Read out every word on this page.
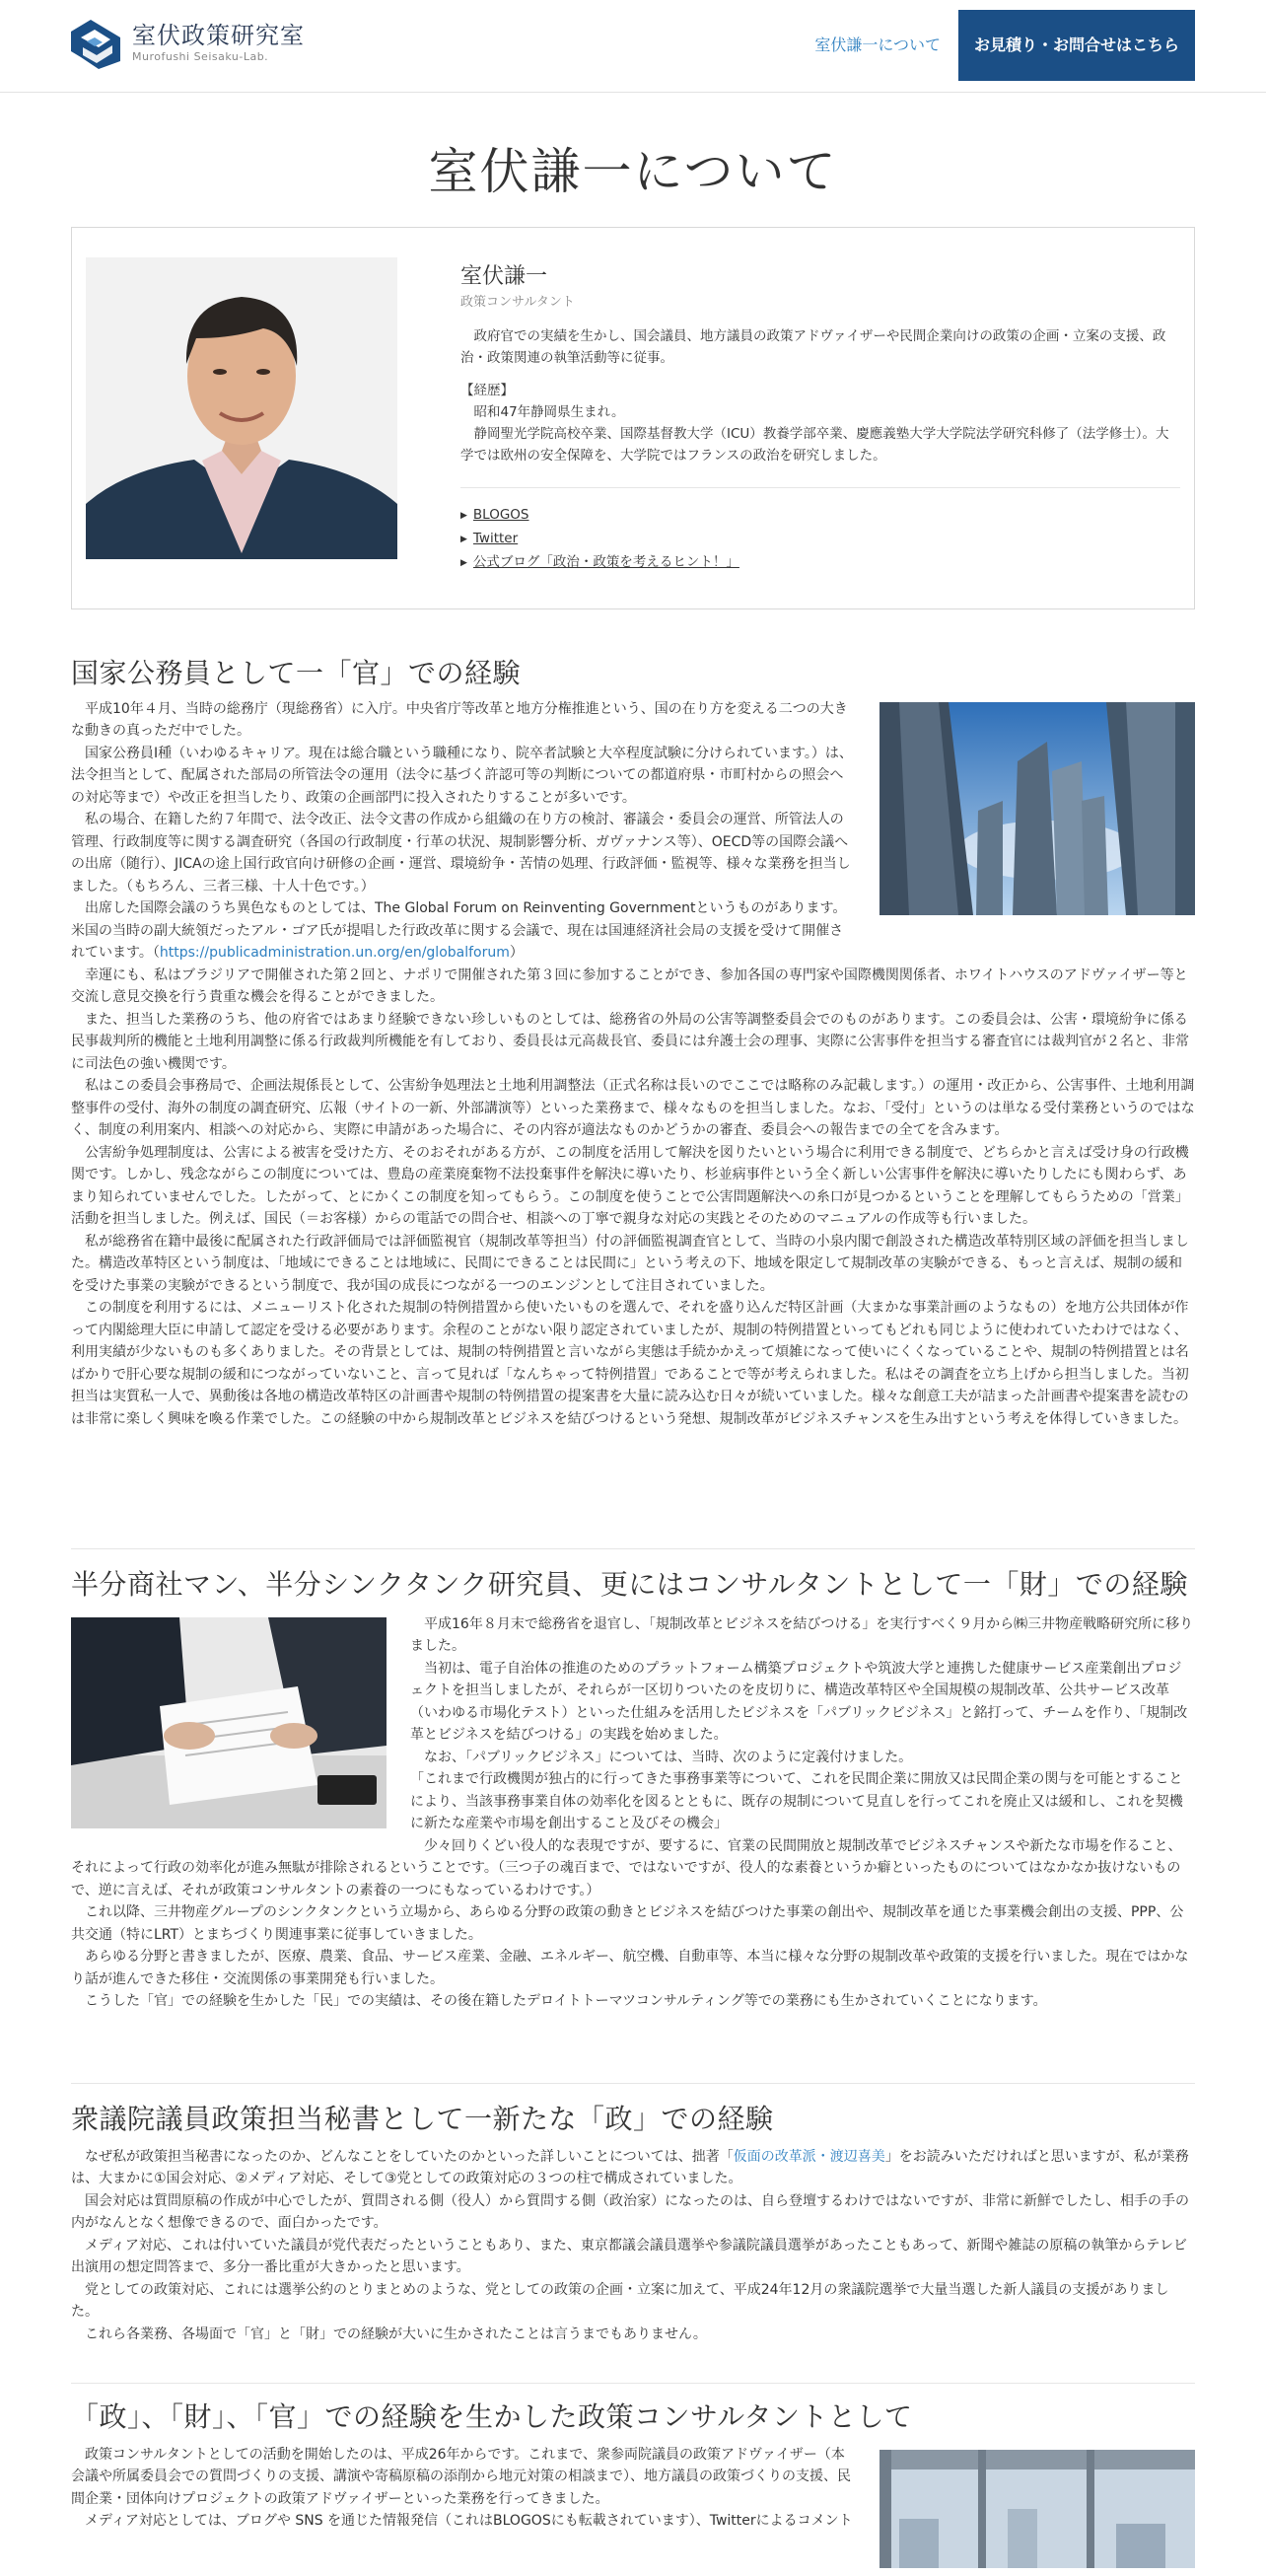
室伏政策研究室
Murofushi Seisaku-Lab.
室伏謙一について	お見積り・お問合せはこちら
室伏謙一について
室伏謙一
政策コンサルタント
政府官での実績を生かし、国会議員、地方議員の政策アドヴァイザーや民間企業向けの政策の企画・立案の支援、政治・政策関連の執筆活動等に従事。
【経歴】
昭和47年静岡県生まれ。
静岡聖光学院高校卒業、国際基督教大学（ICU）教養学部卒業、慶應義塾大学大学院法学研究科修了（法学修士）。大学では欧州の安全保障を、大学院ではフランスの政治を研究しました。
▶ BLOGOS
▶ Twitter
▶ 公式ブログ「政治・政策を考えるヒント！」
国家公務員として一「官」での経験

平成10年４月、当時の総務庁（現総務省）に入庁。中央省庁等改革と地方分権推進という、国の在り方を変える二つの大きな動きの真っただ中でした。

国家公務員Ⅰ種（いわゆるキャリア。現在は総合職という職種になり、院卒者試験と大卒程度試験に分けられています。）は、法令担当として、配属された部局の所管法令の運用（法令に基づく許認可等の判断についての都道府県・市町村からの照会への対応等まで）や改正を担当したり、政策の企画部門に投入されたりすることが多いです。

私の場合、在籍した約７年間で、法令改正、法令文書の作成から組織の在り方の検討、審議会・委員会の運営、所管法人の管理、行政制度等に関する調査研究（各国の行政制度・行革の状況、規制影響分析、ガヴァナンス等）、OECD等の国際会議への出席（随行）、JICAの途上国行政官向け研修の企画・運営、環境紛争・苦情の処理、行政評価・監視等、様々な業務を担当しました。（もちろん、三者三様、十人十色です。）

出席した国際会議のうち異色なものとしては、The Global Forum on Reinventing Governmentというものがあります。米国の当時の副大統領だったアル・ゴア氏が提唱した行政改革に関する会議で、現在は国連経済社会局の支援を受けて開催されています。（https://publicadministration.un.org/en/globalforum）

幸運にも、私はブラジリアで開催された第２回と、ナポリで開催された第３回に参加することができ、参加各国の専門家や国際機関関係者、ホワイトハウスのアドヴァイザー等と交流し意見交換を行う貴重な機会を得ることができました。

また、担当した業務のうち、他の府省ではあまり経験できない珍しいものとしては、総務省の外局の公害等調整委員会でのものがあります。この委員会は、公害・環境紛争に係る民事裁判所的機能と土地利用調整に係る行政裁判所機能を有しており、委員長は元高裁長官、委員には弁護士会の理事、実際に公害事件を担当する審査官には裁判官が２名と、非常に司法色の強い機関です。

私はこの委員会事務局で、企画法規係長として、公害紛争処理法と土地利用調整法（正式名称は長いのでここでは略称のみ記載します。）の運用・改正から、公害事件、土地利用調整事件の受付、海外の制度の調査研究、広報（サイトの一新、外部講演等）といった業務まで、様々なものを担当しました。なお、「受付」というのは単なる受付業務というのではなく、制度の利用案内、相談への対応から、実際に申請があった場合に、その内容が適法なものかどうかの審査、委員会への報告までの全てを含みます。

公害紛争処理制度は、公害による被害を受けた方、そのおそれがある方が、この制度を活用して解決を図りたいという場合に利用できる制度で、どちらかと言えば受け身の行政機関です。しかし、残念ながらこの制度については、豊島の産業廃棄物不法投棄事件を解決に導いたり、杉並病事件という全く新しい公害事件を解決に導いたりしたにも関わらず、あまり知られていませんでした。したがって、とにかくこの制度を知ってもらう。この制度を使うことで公害問題解決への糸口が見つかるということを理解してもらうための「営業」活動を担当しました。例えば、国民（＝お客様）からの電話での問合せ、相談への丁寧で親身な対応の実践とそのためのマニュアルの作成等も行いました。

私が総務省在籍中最後に配属された行政評価局では評価監視官（規制改革等担当）付の評価監視調査官として、当時の小泉内閣で創設された構造改革特別区域の評価を担当しました。構造改革特区という制度は、「地域にできることは地域に、民間にできることは民間に」という考えの下、地域を限定して規制改革の実験ができる、もっと言えば、規制の緩和を受けた事業の実験ができるという制度で、我が国の成長につながる一つのエンジンとして注目されていました。

この制度を利用するには、メニューリスト化された規制の特例措置から使いたいものを選んで、それを盛り込んだ特区計画（大まかな事業計画のようなもの）を地方公共団体が作って内閣総理大臣に申請して認定を受ける必要があります。余程のことがない限り認定されていましたが、規制の特例措置といってもどれも同じように使われていたわけではなく、利用実績が少ないものも多くありました。その背景としては、規制の特例措置と言いながら実態は手続かかえって煩雑になって使いにくくなっていることや、規制の特例措置とは名ばかりで肝心要な規制の緩和につながっていないこと、言って見れば「なんちゃって特例措置」であることで等が考えられました。私はその調査を立ち上げから担当しました。当初担当は実質私一人で、異動後は各地の構造改革特区の計画書や規制の特例措置の提案書を大量に読み込む日々が続いていました。様々な創意工夫が詰まった計画書や提案書を読むのは非常に楽しく興味を喚る作業でした。この経験の中から規制改革とビジネスを結びつけるという発想、規制改革がビジネスチャンスを生み出すという考えを体得していきました。

半分商社マン、半分シンクタンク研究員、更にはコンサルタントとして一「財」での経験

平成16年８月末で総務省を退官し、「規制改革とビジネスを結びつける」を実行すべく９月から㈱三井物産戦略研究所に移りました。

当初は、電子自治体の推進のためのプラットフォーム構築プロジェクトや筑波大学と連携した健康サービス産業創出プロジェクトを担当しましたが、それらが一区切りついたのを皮切りに、構造改革特区や全国規模の規制改革、公共サービス改革（いわゆる市場化テスト）といった仕組みを活用したビジネスを「パブリックビジネス」と銘打って、チームを作り、「規制改革とビジネスを結びつける」の実践を始めました。

なお、「パブリックビジネス」については、当時、次のように定義付けました。

「これまで行政機関が独占的に行ってきた事務事業等について、これを民間企業に開放又は民間企業の関与を可能とすることにより、当該事務事業自体の効率化を図るとともに、既存の規制について見直しを行ってこれを廃止又は緩和し、これを契機に新たな産業や市場を創出すること及びその機会」

少々回りくどい役人的な表現ですが、要するに、官業の民間開放と規制改革でビジネスチャンスや新たな市場を作ること、それによって行政の効率化が進み無駄が排除されるということです。（三つ子の魂百まで、ではないですが、役人的な素養というか癖といったものについてはなかなか抜けないもので、逆に言えば、それが政策コンサルタントの素養の一つにもなっているわけです。）

これ以降、三井物産グループのシンクタンクという立場から、あらゆる分野の政策の動きとビジネスを結びつけた事業の創出や、規制改革を通じた事業機会創出の支援、PPP、公共交通（特にLRT）とまちづくり関連事業に従事していきました。

あらゆる分野と書きましたが、医療、農業、食品、サービス産業、金融、エネルギー、航空機、自動車等、本当に様々な分野の規制改革や政策的支援を行いました。現在ではかなり話が進んできた移住・交流関係の事業開発も行いました。

こうした「官」での経験を生かした「民」での実績は、その後在籍したデロイトトーマツコンサルティング等での業務にも生かされていくことになります。

衆議院議員政策担当秘書として一新たな「政」での経験

なぜ私が政策担当秘書になったのか、どんなことをしていたのかといった詳しいことについては、拙著「仮面の改革派・渡辺喜美」をお読みいただければと思いますが、私が業務は、大まかに①国会対応、②メディア対応、そして③党としての政策対応の３つの柱で構成されていました。

国会対応は質問原稿の作成が中心でしたが、質問される側（役人）から質問する側（政治家）になったのは、自ら登壇するわけではないですが、非常に新鮮でしたし、相手の手の内がなんとなく想像できるので、面白かったです。

メディア対応、これは付いていた議員が党代表だったということもあり、また、東京都議会議員選挙や参議院議員選挙があったこともあって、新聞や雑誌の原稿の執筆からテレビ出演用の想定問答まで、多分一番比重が大きかったと思います。

党としての政策対応、これには選挙公約のとりまとめのような、党としての政策の企画・立案に加えて、平成24年12月の衆議院選挙で大量当選した新人議員の支援がありました。

これら各業務、各場面で「官」と「財」での経験が大いに生かされたことは言うまでもありません。

「政」、「財」、「官」での経験を生かした政策コンサルタントとして

政策コンサルタントとしての活動を開始したのは、平成26年からです。これまで、衆参両院議員の政策アドヴァイザー（本会議や所属委員会での質問づくりの支援、講演や寄稿原稿の添削から地元対策の相談まで）、地方議員の政策づくりの支援、民間企業・団体向けプロジェクトの政策アドヴァイザーといった業務を行ってきました。

メディア対応としては、ブログや SNS を通じた情報発信（これはBLOGOSにも転載されています）、Twitterによるコメント
